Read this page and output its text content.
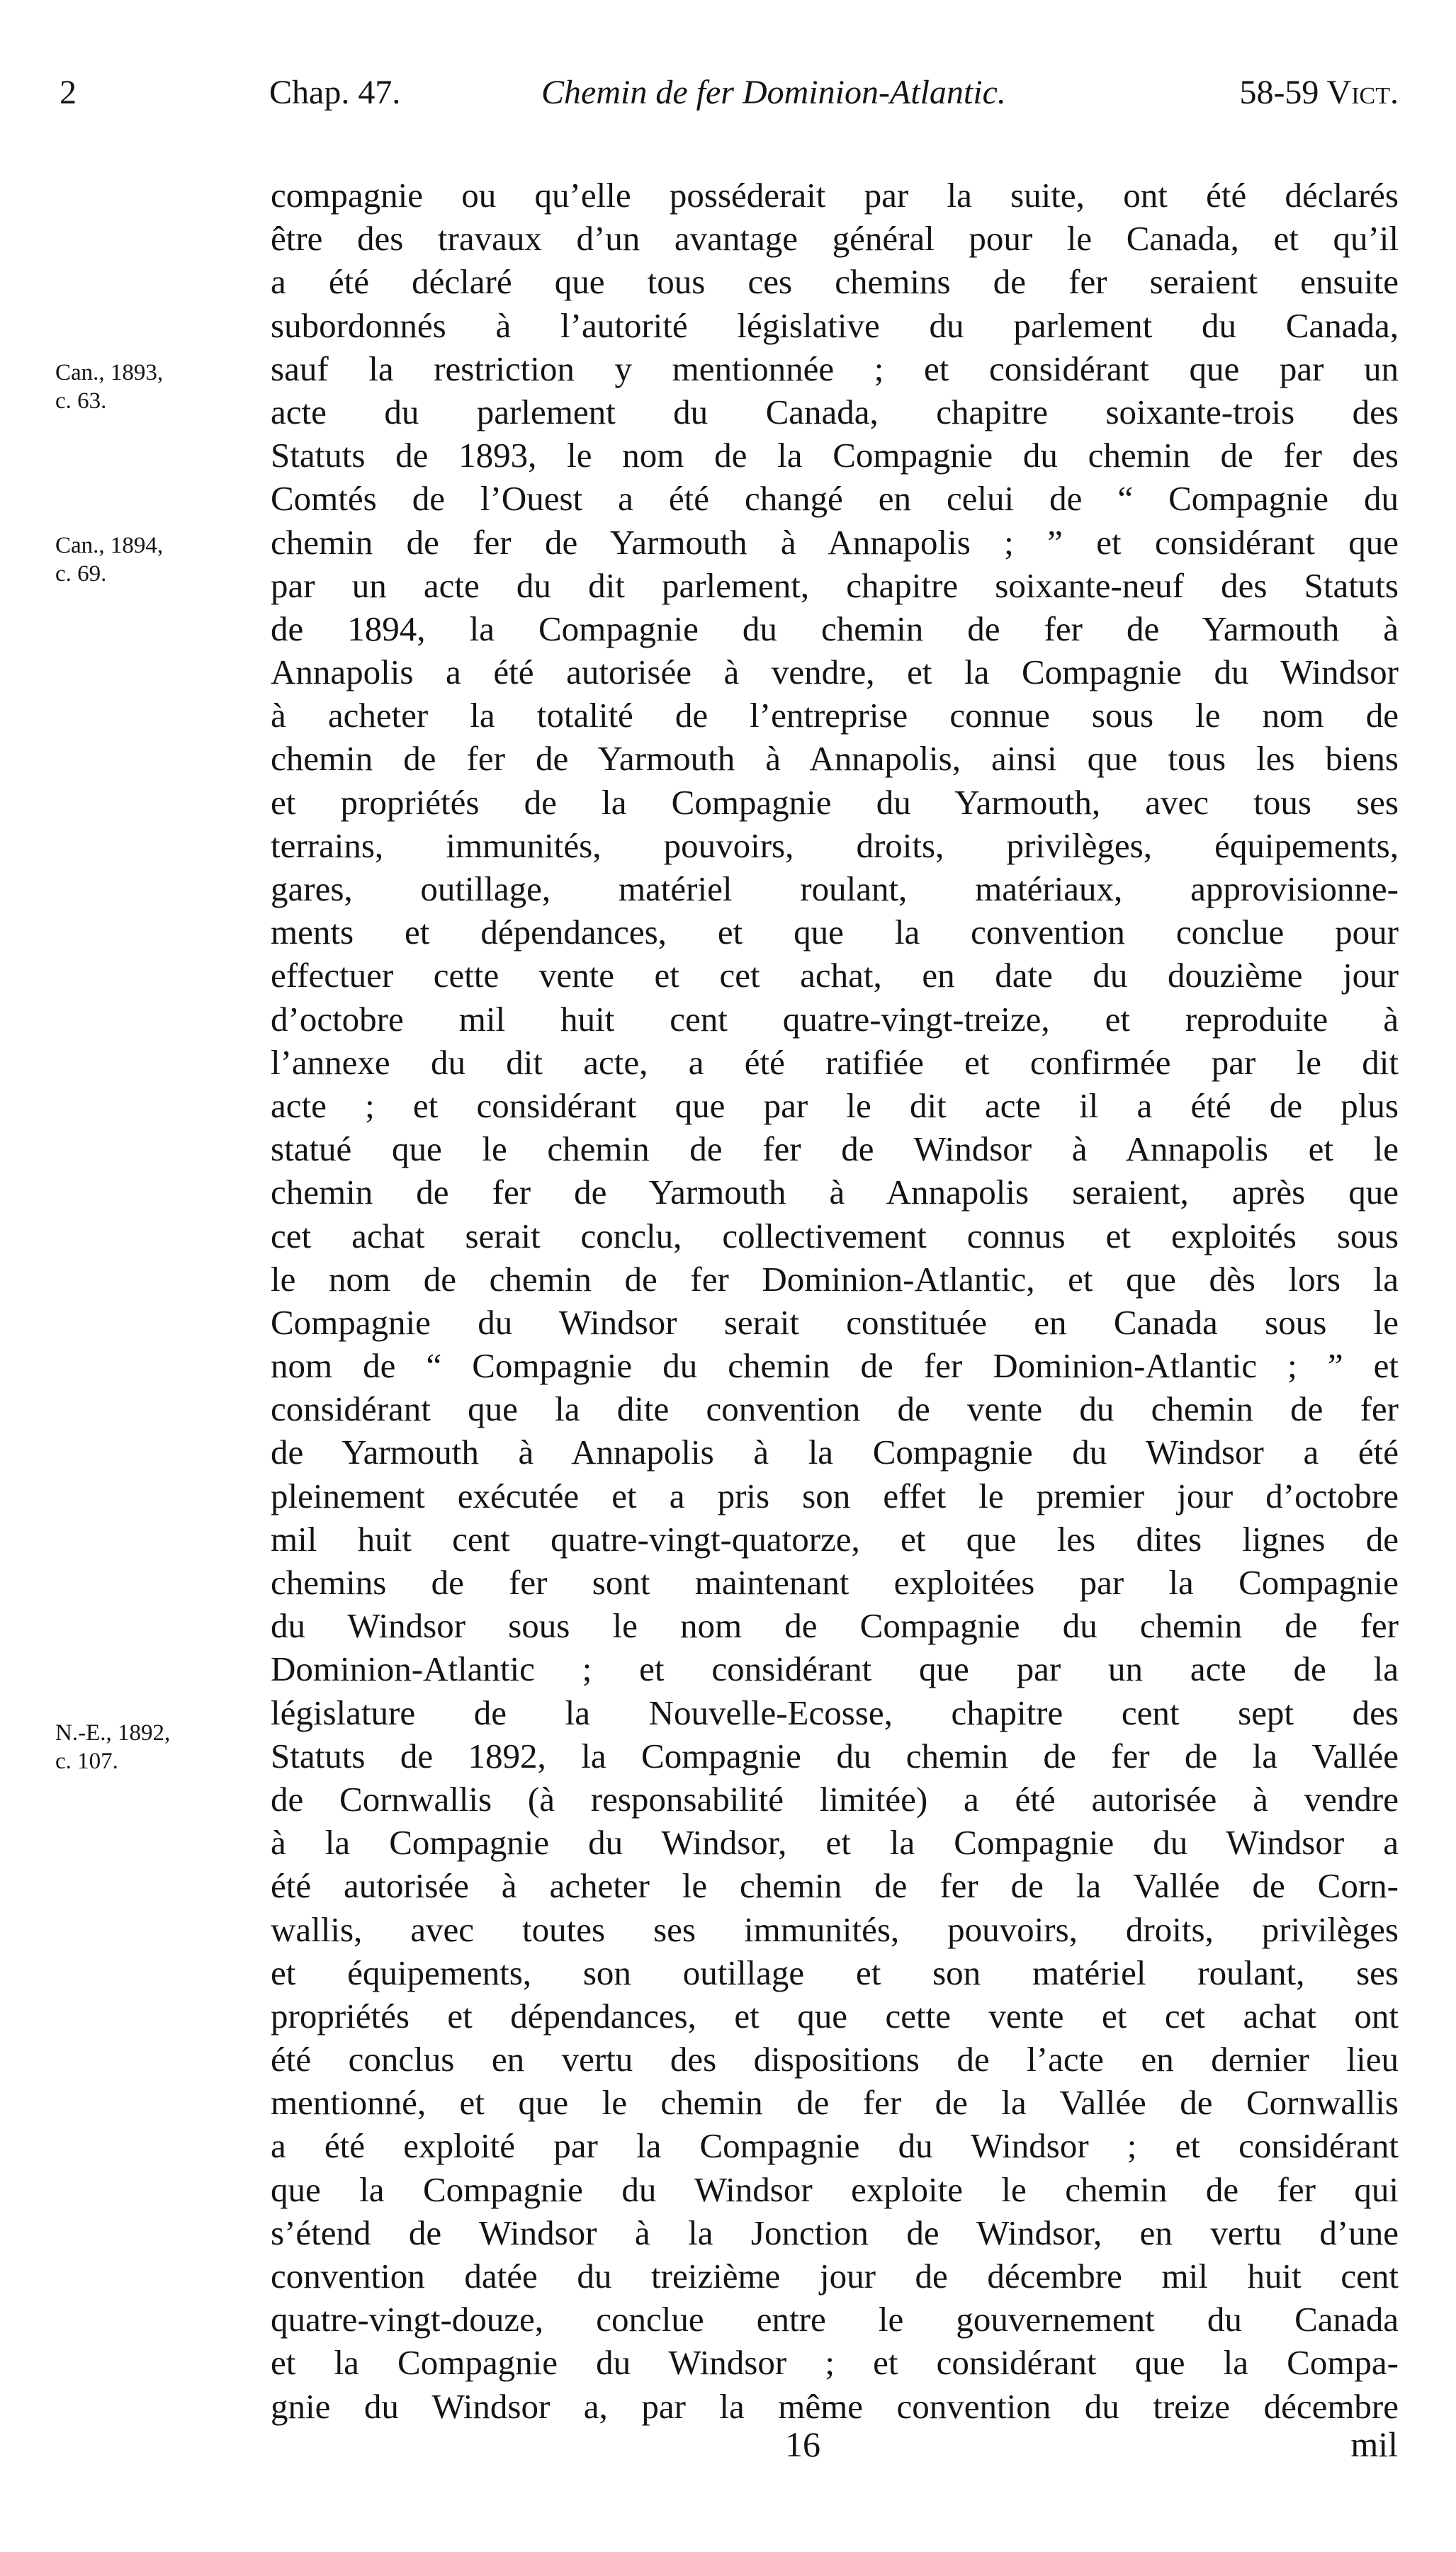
2	Chap. 47.	Chemin de fer Dominion-Atlantic.	58-59 Vict.
Can., 1893,
c. 63.
Can., 1894,
c. 69.
N.-E., 1892,
c. 107.
compagnie ou qu’elle posséderait par la suite, ont été déclarés
être des travaux d’un avantage général pour le Canada, et qu’il
a été déclaré que tous ces chemins de fer seraient ensuite
subordonnés à l’autorité législative du parlement du Canada,
sauf la restriction y mentionnée ; et considérant que par un
acte du parlement du Canada, chapitre soixante-trois des
Statuts de 1893, le nom de la Compagnie du chemin de fer des
Comtés de l’Ouest a été changé en celui de “ Compagnie du
chemin de fer de Yarmouth à Annapolis ; ” et considérant que
par un acte du dit parlement, chapitre soixante-neuf des Statuts
de 1894, la Compagnie du chemin de fer de Yarmouth à
Annapolis a été autorisée à vendre, et la Compagnie du Windsor
à acheter la totalité de l’entreprise connue sous le nom de
chemin de fer de Yarmouth à Annapolis, ainsi que tous les biens
et propriétés de la Compagnie du Yarmouth, avec tous ses
terrains, immunités, pouvoirs, droits, privilèges, équipements,
gares, outillage, matériel roulant, matériaux, approvisionne-
ments et dépendances, et que la convention conclue pour
effectuer cette vente et cet achat, en date du douzième jour
d’octobre mil huit cent quatre-vingt-treize, et reproduite à
l’annexe du dit acte, a été ratifiée et confirmée par le dit
acte ; et considérant que par le dit acte il a été de plus
statué que le chemin de fer de Windsor à Annapolis et le
chemin de fer de Yarmouth à Annapolis seraient, après que
cet achat serait conclu, collectivement connus et exploités sous
le nom de chemin de fer Dominion-Atlantic, et que dès lors la
Compagnie du Windsor serait constituée en Canada sous le
nom de “ Compagnie du chemin de fer Dominion-Atlantic ; ” et
considérant que la dite convention de vente du chemin de fer
de Yarmouth à Annapolis à la Compagnie du Windsor a été
pleinement exécutée et a pris son effet le premier jour d’octobre
mil huit cent quatre-vingt-quatorze, et que les dites lignes de
chemins de fer sont maintenant exploitées par la Compagnie
du Windsor sous le nom de Compagnie du chemin de fer
Dominion-Atlantic ; et considérant que par un acte de la
législature de la Nouvelle-Ecosse, chapitre cent sept des
Statuts de 1892, la Compagnie du chemin de fer de la Vallée
de Cornwallis (à responsabilité limitée) a été autorisée à vendre
à la Compagnie du Windsor, et la Compagnie du Windsor a
été autorisée à acheter le chemin de fer de la Vallée de Corn-
wallis, avec toutes ses immunités, pouvoirs, droits, privilèges
et équipements, son outillage et son matériel roulant, ses
propriétés et dépendances, et que cette vente et cet achat ont
été conclus en vertu des dispositions de l’acte en dernier lieu
mentionné, et que le chemin de fer de la Vallée de Cornwallis
a été exploité par la Compagnie du Windsor ; et considérant
que la Compagnie du Windsor exploite le chemin de fer qui
s’étend de Windsor à la Jonction de Windsor, en vertu d’une
convention datée du treizième jour de décembre mil huit cent
quatre-vingt-douze, conclue entre le gouvernement du Canada
et la Compagnie du Windsor ; et considérant que la Compa-
gnie du Windsor a, par la même convention du treize décembre
16	mil
